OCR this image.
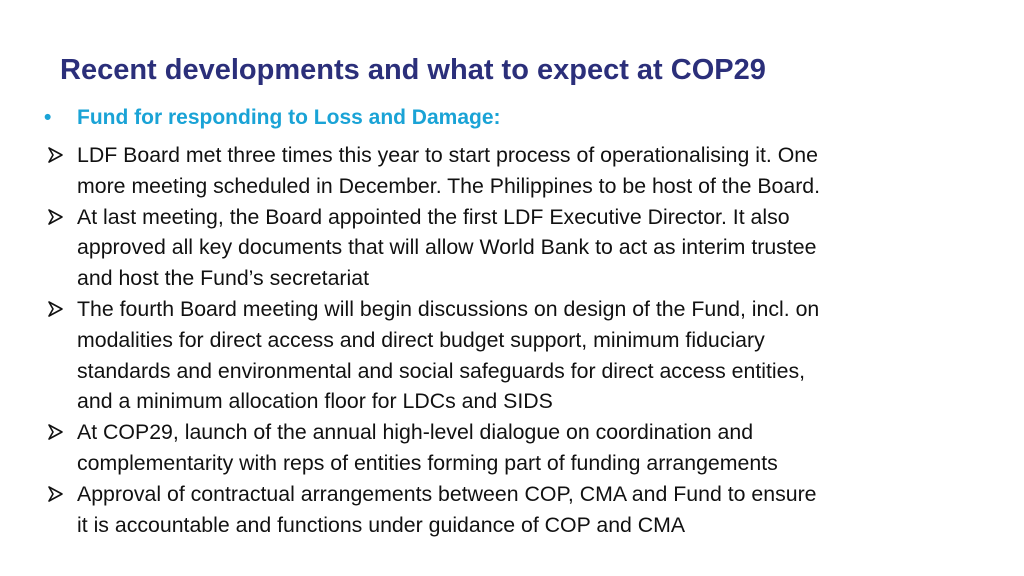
Recent developments and what to expect at COP29
• Fund for responding to Loss and Damage:
LDF Board met three times this year to start process of operationalising it. One
more meeting scheduled in December. The Philippines to be host of the Board.
At last meeting, the Board appointed the first LDF Executive Director. It also
approved all key documents that will allow World Bank to act as interim trustee
and host the Fund’s secretariat
The fourth Board meeting will begin discussions on design of the Fund, incl. on
modalities for direct access and direct budget support, minimum fiduciary
standards and environmental and social safeguards for direct access entities,
and a minimum allocation floor for LDCs and SIDS
At COP29, launch of the annual high-level dialogue on coordination and
complementarity with reps of entities forming part of funding arrangements
Approval of contractual arrangements between COP, CMA and Fund to ensure
it is accountable and functions under guidance of COP and CMA
